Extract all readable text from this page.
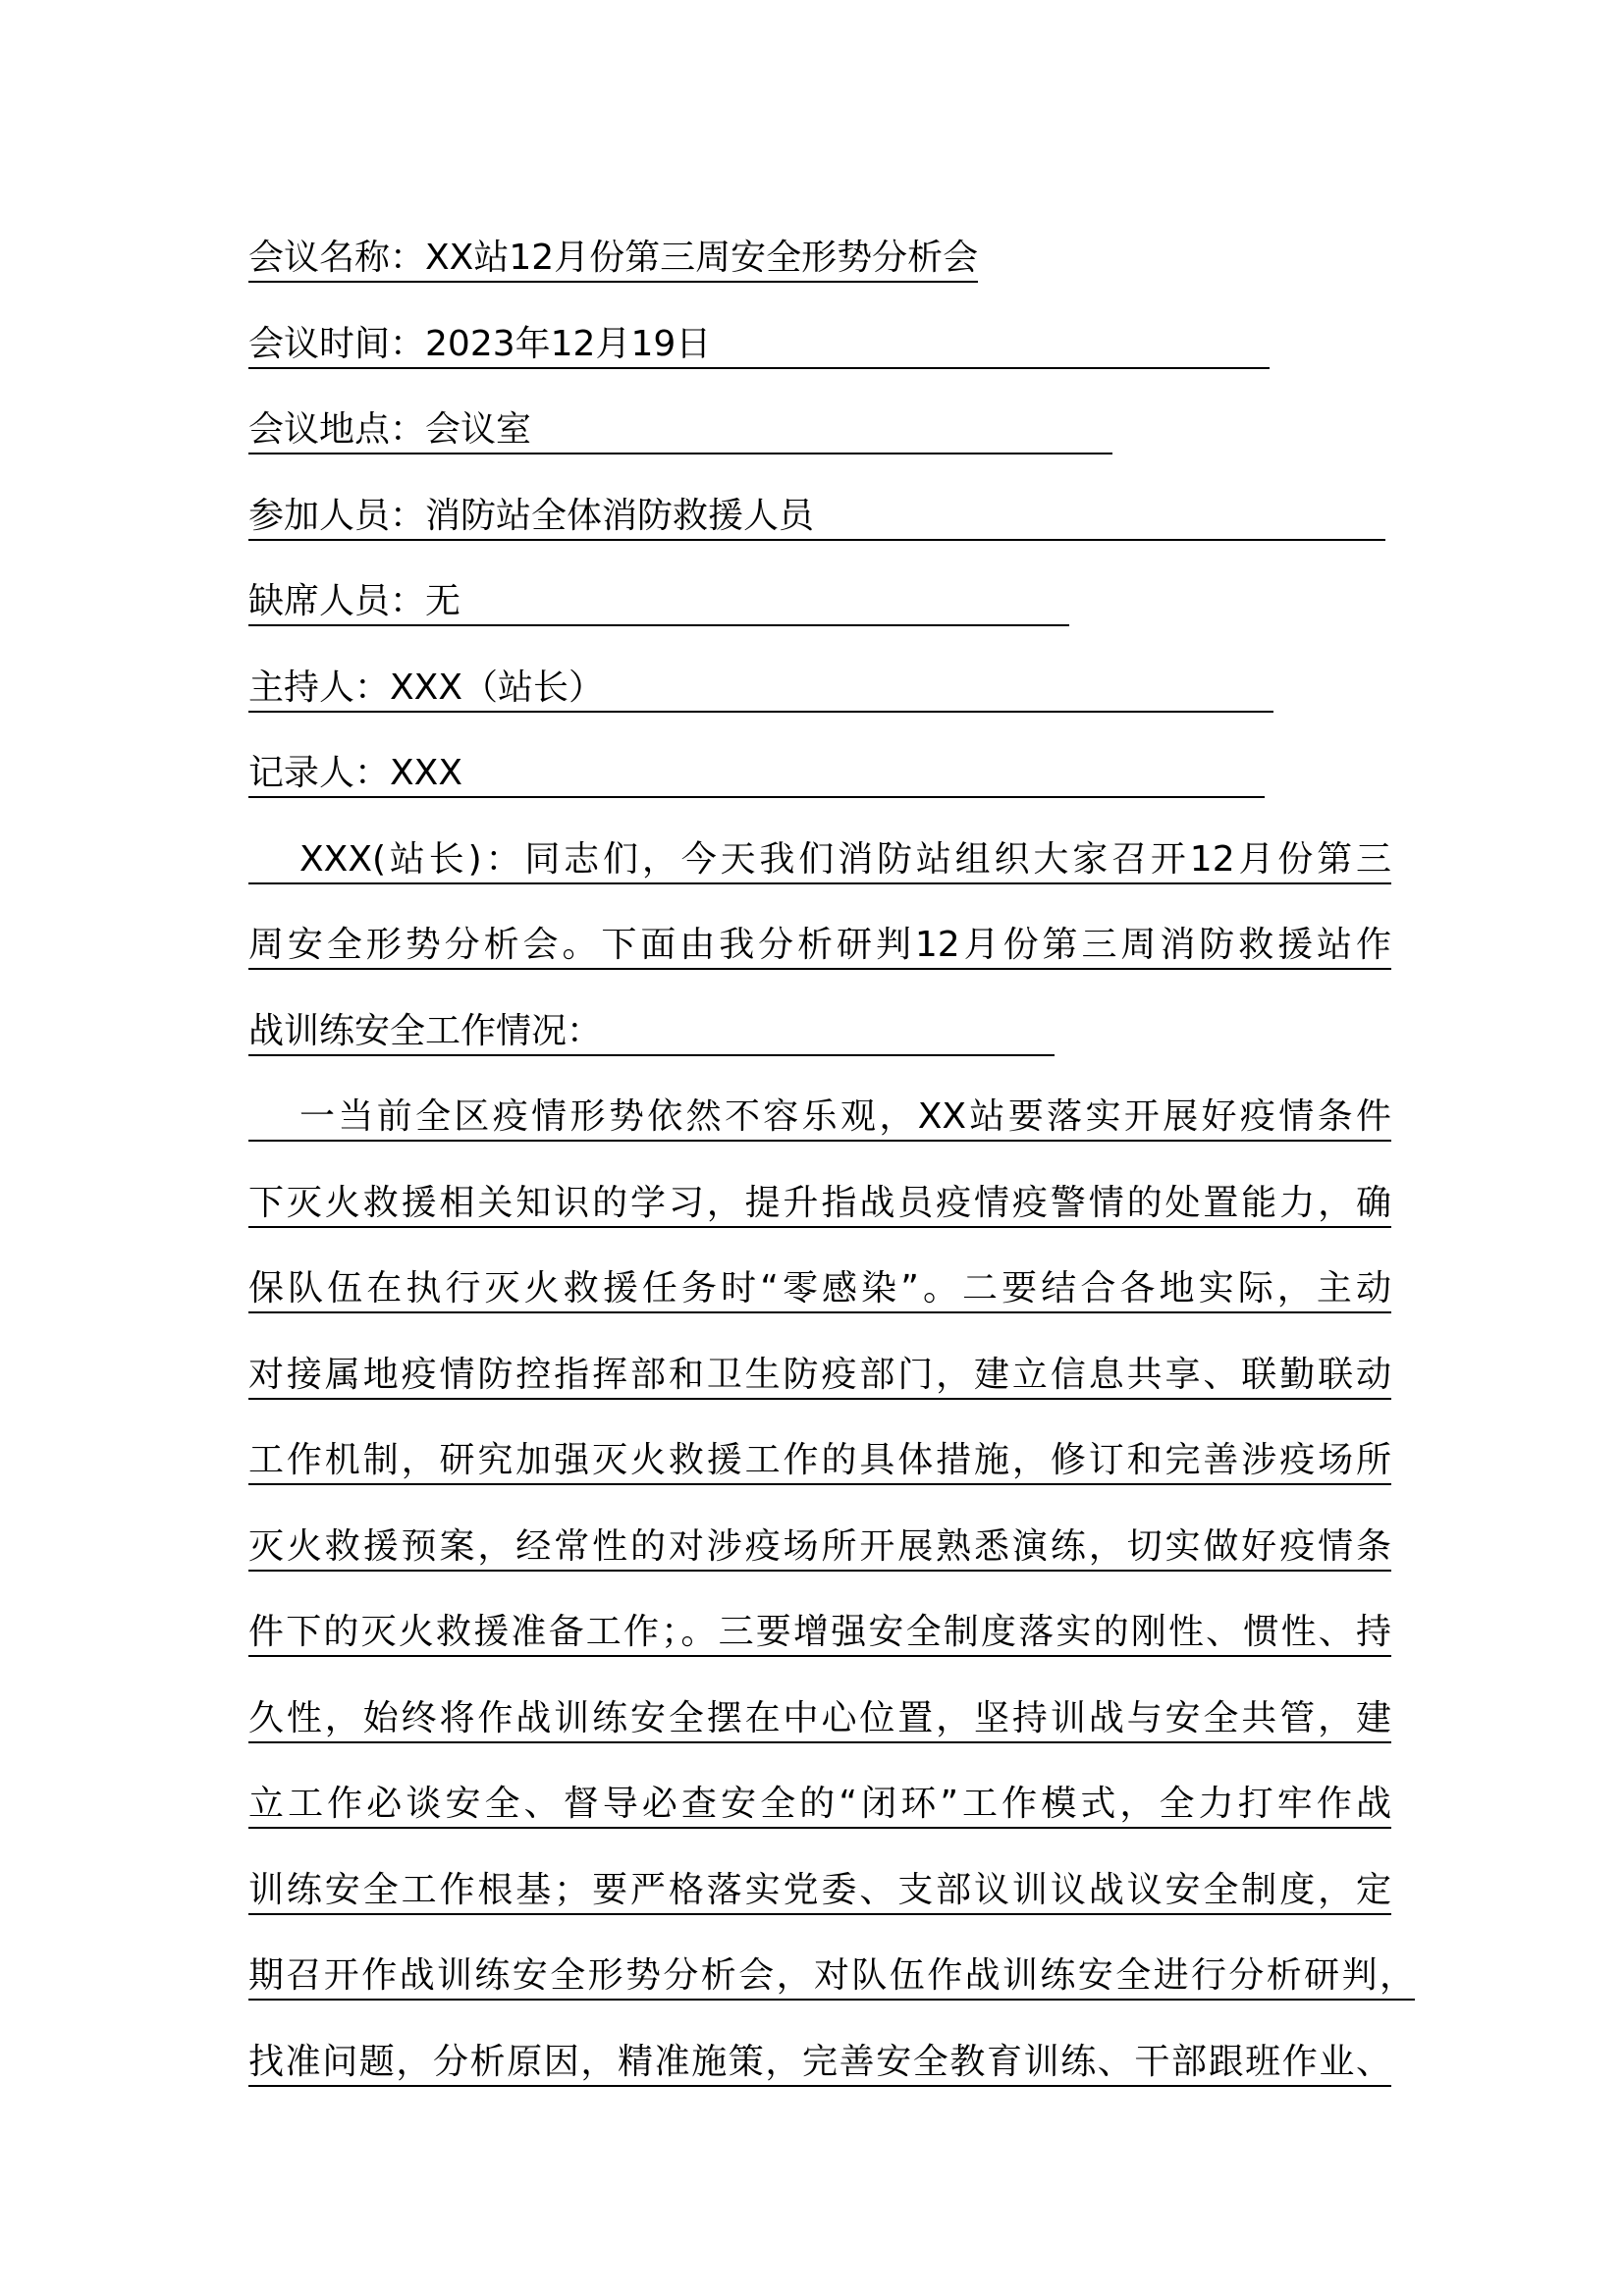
会议名称：XX站12月份第三周安全形势分析会
会议时间：2023年12月19日
会议地点：会议室
参加人员：消防站全体消防救援人员
缺席人员：无
主持人：XXX（站长）
记录人：XXX
XXX(站长)：同志们，今天我们消防站组织大家召开12月份第三
周安全形势分析会。下面由我分析研判12月份第三周消防救援站作
战训练安全工作情况：
一当前全区疫情形势依然不容乐观，XX站要落实开展好疫情条件
下灭火救援相关知识的学习，提升指战员疫情疫警情的处置能力，确
保队伍在执行灭火救援任务时“零感染”。二要结合各地实际，主动
对接属地疫情防控指挥部和卫生防疫部门，建立信息共享、联勤联动
工作机制，研究加强灭火救援工作的具体措施，修订和完善涉疫场所
灭火救援预案，经常性的对涉疫场所开展熟悉演练，切实做好疫情条
件下的灭火救援准备工作；。三要增强安全制度落实的刚性、惯性、持
久性，始终将作战训练安全摆在中心位置，坚持训战与安全共管，建
立工作必谈安全、督导必查安全的“闭环”工作模式，全力打牢作战
训练安全工作根基；要严格落实党委、支部议训议战议安全制度，定
期召开作战训练安全形势分析会，对队伍作战训练安全进行分析研判，
找准问题，分析原因，精准施策，完善安全教育训练、干部跟班作业、
